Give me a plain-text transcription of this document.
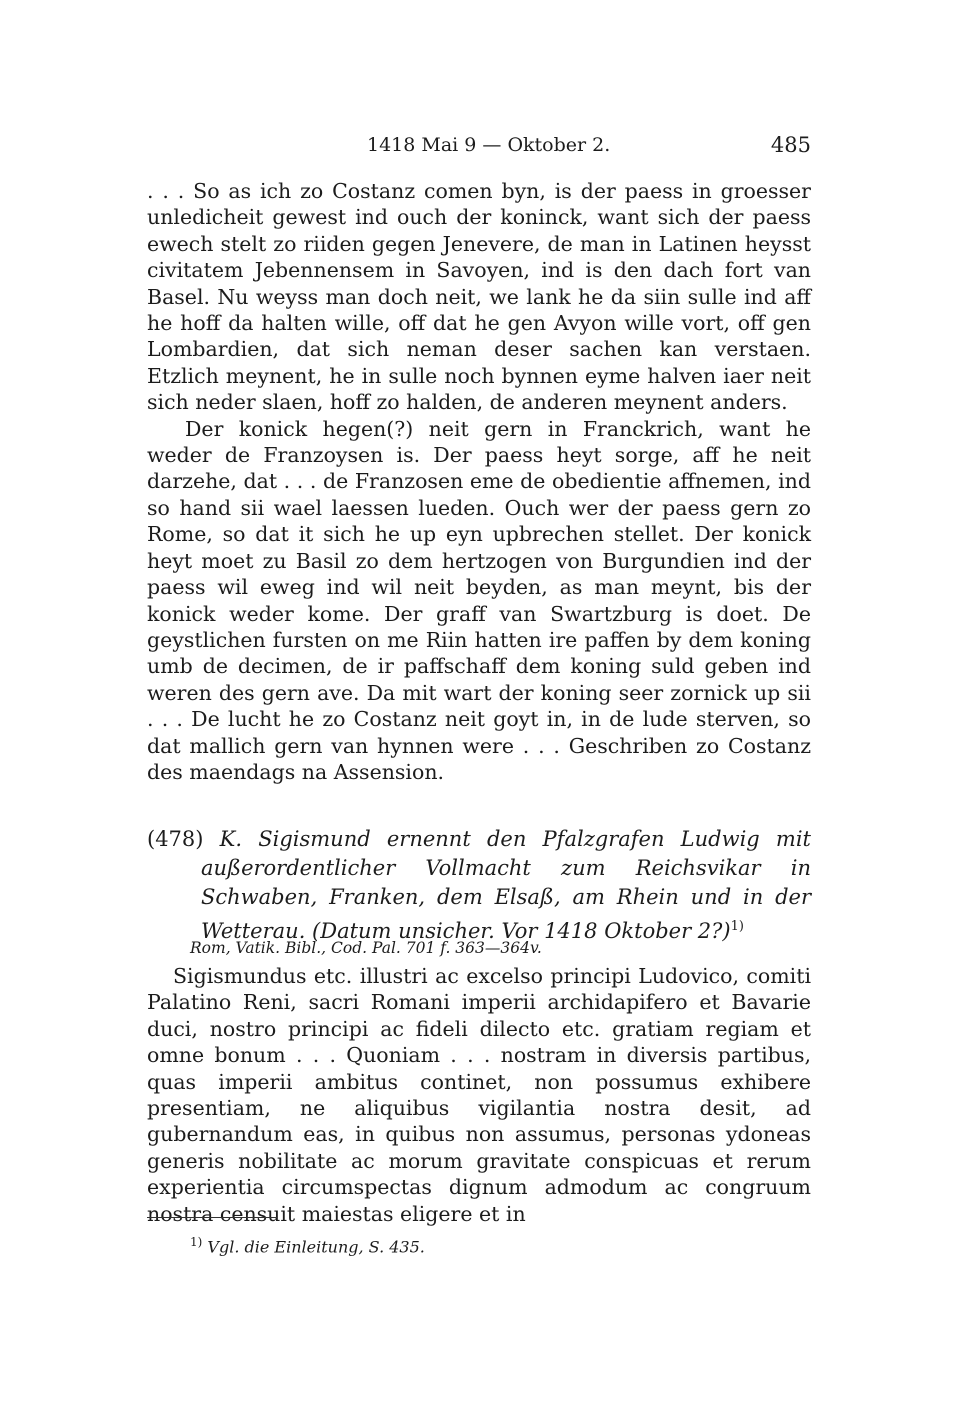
1418 Mai 9 — Oktober 2.	485

. . . So as ich zo Costanz comen byn, is der paess in groesser unledicheit gewest ind ouch der koninck, want sich der paess ewech stelt zo riiden gegen Jenevere, de man in Latinen heysst civitatem Jebennensem in Savoyen, ind is den dach fort van Basel. Nu weyss man doch neit, we lank he da siin sulle ind aff he hoff da halten wille, off dat he gen Avyon wille vort, off gen Lombardien, dat sich neman deser sachen kan verstaen. Etzlich meynent, he in sulle noch bynnen eyme halven iaer neit sich neder slaen, hoff zo halden, de anderen meynent anders.

Der konick hegen(?) neit gern in Franckrich, want he weder de Franzoysen is. Der paess heyt sorge, aff he neit darzehe, dat . . . de Franzosen eme de obedientie affnemen, ind so hand sii wael laessen lueden. Ouch wer der paess gern zo Rome, so dat it sich he up eyn upbrechen stellet. Der konick heyt moet zu Basil zo dem hertzogen von Burgundien ind der paess wil eweg ind wil neit beyden, as man meynt, bis der konick weder kome. Der graff van Swartzburg is doet. De geystlichen fursten on me Riin hatten ire paffen by dem koning umb de decimen, de ir paffschaff dem koning suld geben ind weren des gern ave. Da mit wart der koning seer zornick up sii . . . De lucht he zo Costanz neit goyt in, in de lude sterven, so dat mallich gern van hynnen were . . . Geschriben zo Costanz des maendags na Assension.

(478) K. Sigismund ernennt den Pfalzgrafen Ludwig mit außerordentlicher Vollmacht zum Reichsvikar in Schwaben, Franken, dem Elsaß, am Rhein und in der Wetterau. (Datum unsicher. Vor 1418 Oktober 2?)$^{1)}$

Rom, Vatik. Bibl., Cod. Pal. 701 f. 363—364v.

Sigismundus etc. illustri ac excelso principi Ludovico, comiti Palatino Reni, sacri Romani imperii archidapifero et Bavarie duci, nostro principi ac fideli dilecto etc. gratiam regiam et omne bonum . . . Quoniam . . . nostram in diversis partibus, quas imperii ambitus continet, non possumus exhibere presentiam, ne aliquibus vigilantia nostra desit, ad gubernandum eas, in quibus non assumus, personas ydoneas generis nobilitate ac morum gravitate conspicuas et rerum experientia circumspectas dignum admodum ac congruum nostra censuit maiestas eligere et in

$^{1)}$ Vgl. die Einleitung, S. 435.
